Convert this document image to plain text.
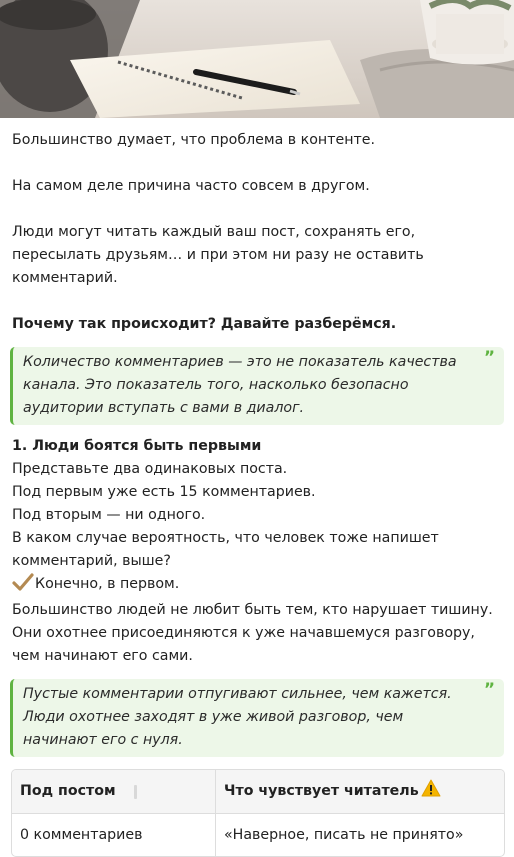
Большинство думает, что проблема в контенте.

На самом деле причина часто совсем в другом.

Люди могут читать каждый ваш пост, сохранять его, пересылать друзьям… и при этом ни разу не оставить комментарий.

Почему так происходит? Давайте разберёмся.

Количество комментариев — это не показатель качества канала. Это показатель того, насколько безопасно аудитории вступать с вами в диалог.
”

1. Люди боятся быть первыми

Представьте два одинаковых поста.

Под первым уже есть 15 комментариев.

Под вторым — ни одного.

В каком случае вероятность, что человек тоже напишет комментарий, выше?

Конечно, в первом.

Большинство людей не любит быть тем, кто нарушает тишину. Они охотнее присоединяются к уже начавшемуся разговору, чем начинают его сами.

Пустые комментарии отпугивают сильнее, чем кажется. Люди охотнее заходят в уже живой разговор, чем начинают его с нуля.
”
Под постом	Что чувствует читатель
0 комментариев	«Наверное, писать не принято»
